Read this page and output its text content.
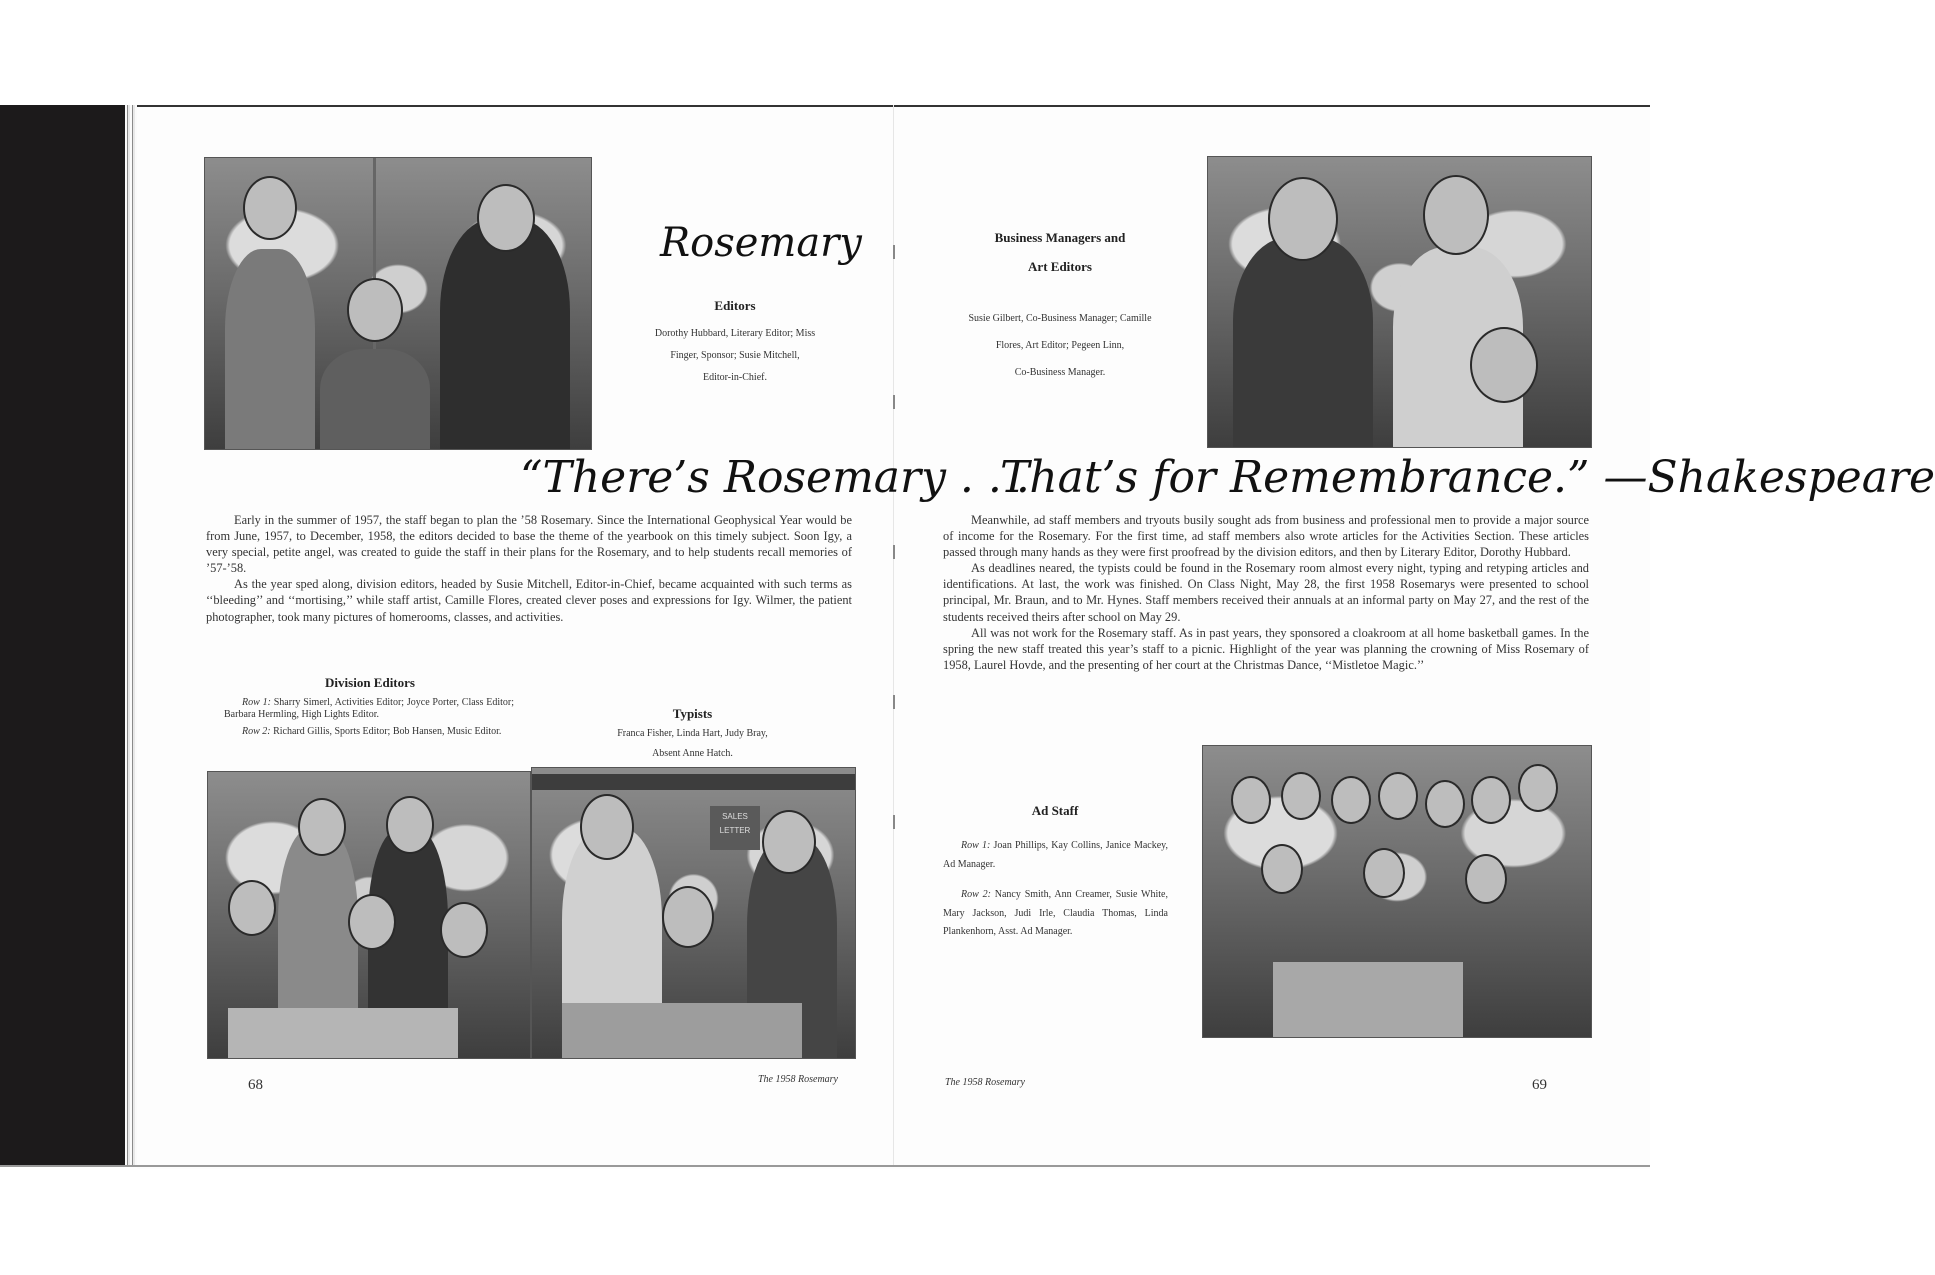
Rosemary
Editors
Dorothy Hubbard, Literary Editor; Miss
Finger, Sponsor; Susie Mitchell,
Editor-in-Chief.
“There’s Rosemary . . .

Early in the summer of 1957, the staff began to plan the ’58 Rosemary. Since the International Geophysical Year would be from June, 1957, to December, 1958, the editors decided to base the theme of the yearbook on this timely subject. Soon Igy, a very special, petite angel, was created to guide the staff in their plans for the Rosemary, and to help students recall memories of ’57-’58.

As the year sped along, division editors, headed by Susie Mitchell, Editor-in-Chief, became acquainted with such terms as ‘‘bleeding’’ and ‘‘mortising,’’ while staff artist, Camille Flores, created clever poses and expressions for Igy. Wilmer, the patient photographer, took many pictures of homerooms, classes, and activities.

Division Editors

Row 1: Sharry Simerl, Activities Editor; Joyce Porter, Class Editor; Barbara Hermling, High Lights Editor.

Row 2: Richard Gillis, Sports Editor; Bob Hansen, Music Editor.

Typists
Franca Fisher, Linda Hart, Judy Bray,
Absent Anne Hatch.
SALES LETTER
68	The 1958 Rosemary
Business Managers and
Art Editors
Susie Gilbert, Co-Business Manager; Camille
Flores, Art Editor; Pegeen Linn,
Co-Business Manager.
That’s for Remembrance.” —Shakespeare

Meanwhile, ad staff members and tryouts busily sought ads from business and professional men to provide a major source of income for the Rosemary. For the first time, ad staff members also wrote articles for the Activities Section. These articles passed through many hands as they were first proofread by the division editors, and then by Literary Editor, Dorothy Hubbard.

As deadlines neared, the typists could be found in the Rosemary room almost every night, typing and retyping articles and identifications. At last, the work was finished. On Class Night, May 28, the first 1958 Rosemarys were presented to school principal, Mr. Braun, and to Mr. Hynes. Staff members received their annuals at an informal party on May 27, and the rest of the students received theirs after school on May 29.

All was not work for the Rosemary staff. As in past years, they sponsored a cloakroom at all home basketball games. In the spring the new staff treated this year’s staff to a picnic. Highlight of the year was planning the crowning of Miss Rosemary of 1958, Laurel Hovde, and the presenting of her court at the Christmas Dance, ‘‘Mistletoe Magic.’’

Ad Staff

Row 1: Joan Phillips, Kay Collins, Janice Mackey, Ad Manager.

Row 2: Nancy Smith, Ann Creamer, Susie White, Mary Jackson, Judi Irle, Claudia Thomas, Linda Plankenhorn, Asst. Ad Manager.

The 1958 Rosemary	69
